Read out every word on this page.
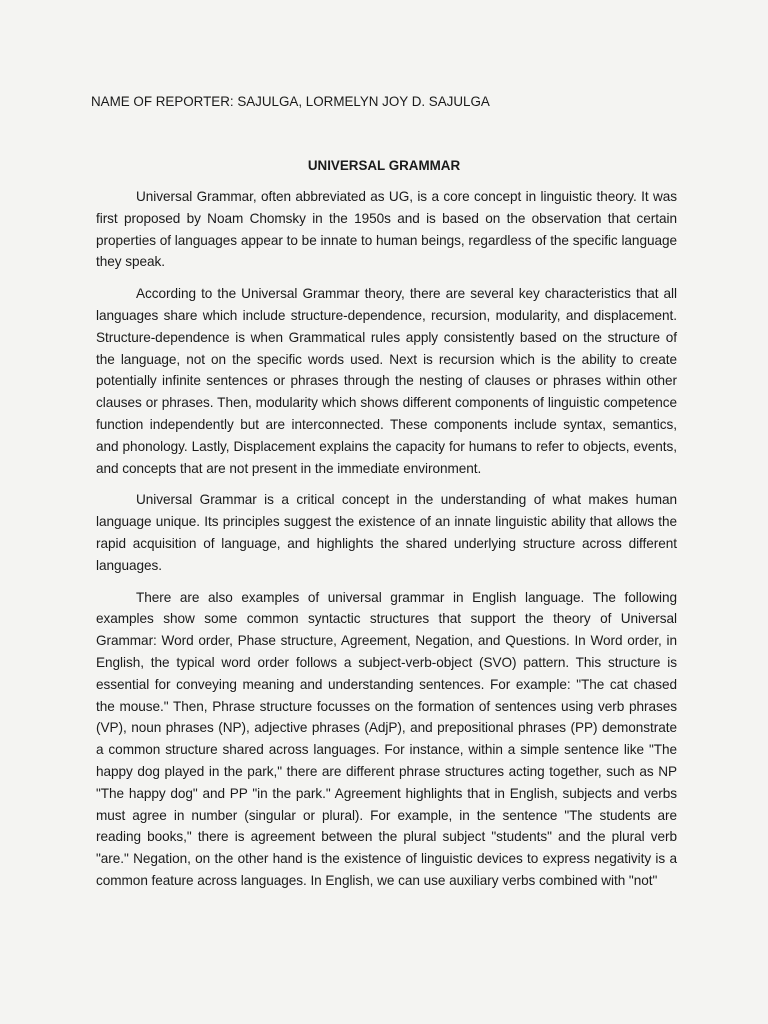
NAME OF REPORTER: SAJULGA, LORMELYN JOY D. SAJULGA
UNIVERSAL GRAMMAR

Universal Grammar, often abbreviated as UG, is a core concept in linguistic theory. It was first proposed by Noam Chomsky in the 1950s and is based on the observation that certain properties of languages appear to be innate to human beings, regardless of the specific language they speak.

According to the Universal Grammar theory, there are several key characteristics that all languages share which include structure-dependence, recursion, modularity, and displacement. Structure-dependence is when Grammatical rules apply consistently based on the structure of the language, not on the specific words used. Next is recursion which is the ability to create potentially infinite sentences or phrases through the nesting of clauses or phrases within other clauses or phrases. Then, modularity which shows different components of linguistic competence function independently but are interconnected. These components include syntax, semantics, and phonology. Lastly, Displacement explains the capacity for humans to refer to objects, events, and concepts that are not present in the immediate environment.

Universal Grammar is a critical concept in the understanding of what makes human language unique. Its principles suggest the existence of an innate linguistic ability that allows the rapid acquisition of language, and highlights the shared underlying structure across different languages.

There are also examples of universal grammar in English language. The following examples show some common syntactic structures that support the theory of Universal Grammar: Word order, Phase structure, Agreement, Negation, and Questions. In Word order, in English, the typical word order follows a subject-verb-object (SVO) pattern. This structure is essential for conveying meaning and understanding sentences. For example: "The cat chased the mouse." Then, Phrase structure focusses on the formation of sentences using verb phrases (VP), noun phrases (NP), adjective phrases (AdjP), and prepositional phrases (PP) demonstrate a common structure shared across languages. For instance, within a simple sentence like "The happy dog played in the park," there are different phrase structures acting together, such as NP "The happy dog" and PP "in the park." Agreement highlights that in English, subjects and verbs must agree in number (singular or plural). For example, in the sentence "The students are reading books," there is agreement between the plural subject "students" and the plural verb "are." Negation, on the other hand is the existence of linguistic devices to express negativity is a common feature across languages. In English, we can use auxiliary verbs combined with "not"
